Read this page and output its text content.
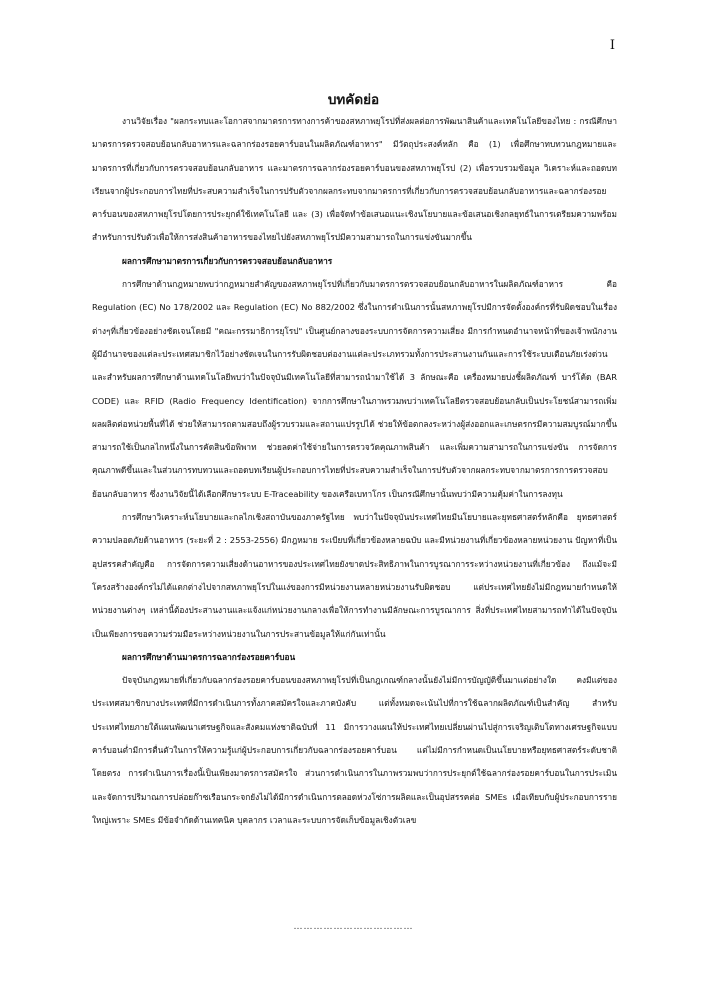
I
บทคัดย่อ

งานวิจัยเรื่อง "ผลกระทบและโอกาสจากมาตรการทางการค้าของสหภาพยุโรปที่ส่งผลต่อการพัฒนาสินค้าและเทคโนโลยีของไทย : กรณีศึกษามาตรการตรวจสอบย้อนกลับอาหารและฉลากร่องรอยคาร์บอนในผลิตภัณฑ์อาหาร" มีวัตถุประสงค์หลัก คือ (1) เพื่อศึกษาทบทวนกฎหมายและมาตรการที่เกี่ยวกับการตรวจสอบย้อนกลับอาหาร และมาตรการฉลากร่องรอยคาร์บอนของสหภาพยุโรป (2) เพื่อรวบรวมข้อมูล วิเคราะห์และถอดบทเรียนจากผู้ประกอบการไทยที่ประสบความสำเร็จในการปรับตัวจากผลกระทบจากมาตรการที่เกี่ยวกับการตรวจสอบย้อนกลับอาหารและฉลากร่องรอยคาร์บอนของสหภาพยุโรปโดยการประยุกต์ใช้เทคโนโลยี และ (3) เพื่อจัดทำข้อเสนอแนะเชิงนโยบายและข้อเสนอเชิงกลยุทธ์ในการเตรียมความพร้อมสำหรับการปรับตัวเพื่อให้การส่งสินค้าอาหารของไทยไปยังสหภาพยุโรปมีความสามารถในการแข่งขันมากขึ้น

ผลการศึกษามาตรการเกี่ยวกับการตรวจสอบย้อนกลับอาหาร

การศึกษาด้านกฎหมายพบว่ากฎหมายสำคัญของสหภาพยุโรปที่เกี่ยวกับมาตรการตรวจสอบย้อนกลับอาหารในผลิตภัณฑ์อาหาร คือ Regulation (EC) No 178/2002 และ Regulation (EC) No 882/2002 ซึ่งในการดำเนินการนั้นสหภาพยุโรปมีการจัดตั้งองค์กรที่รับผิดชอบในเรื่องต่างๆที่เกี่ยวข้องอย่างชัดเจนโดยมี "คณะกรรมาธิการยุโรป" เป็นศูนย์กลางของระบบการจัดการความเสี่ยง มีการกำหนดอำนาจหน้าที่ของเจ้าพนักงานผู้มีอำนาจของแต่ละประเทศสมาชิกไว้อย่างชัดเจนในการรับผิดชอบต่องานแต่ละประเภทรวมทั้งการประสานงานกันและการใช้ระบบเตือนภัยเร่งด่วนและสำหรับผลการศึกษาด้านเทคโนโลยีพบว่าในปัจจุบันมีเทคโนโลยีที่สามารถนำมาใช้ได้ 3 ลักษณะคือ เครื่องหมายบ่งชี้ผลิตภัณฑ์ บาร์โค้ด (BAR CODE) และ RFID (Radio Frequency Identification) จากการศึกษาในภาพรวมพบว่าเทคโนโลยีตรวจสอบย้อนกลับเป็นประโยชน์สามารถเพิ่มผลผลิตต่อหน่วยพื้นที่ได้ ช่วยให้สามารถตามสอบถึงผู้รวบรวมและสถานแปรรูปได้ ช่วยให้ข้อตกลงระหว่างผู้ส่งออกและเกษตรกรมีความสมบูรณ์มากขึ้น สามารถใช้เป็นกลไกหนึ่งในการคัดสินข้อพิพาท ช่วยลดค่าใช้จ่ายในการตรวจวัดคุณภาพสินค้า และเพิ่มความสามารถในการแข่งขัน การจัดการคุณภาพดีขึ้นและในส่วนการทบทวนและถอดบทเรียนผู้ประกอบการไทยที่ประสบความสำเร็จในการปรับตัวจากผลกระทบจากมาตรการการตรวจสอบย้อนกลับอาหาร ซึ่งงานวิจัยนี้ได้เลือกศึกษาระบบ E-Traceability ของเครือเบทาโกร เป็นกรณีศึกษานั้นพบว่ามีความคุ้มค่าในการลงทุน

การศึกษาวิเคราะห์นโยบายและกลไกเชิงสถาบันของภาครัฐไทย พบว่าในปัจจุบันประเทศไทยมีนโยบายและยุทธศาสตร์หลักคือ ยุทธศาสตร์ความปลอดภัยด้านอาหาร (ระยะที่ 2 : 2553-2556) มีกฎหมาย ระเบียบที่เกี่ยวข้องหลายฉบับ และมีหน่วยงานที่เกี่ยวข้องหลายหน่วยงาน ปัญหาที่เป็นอุปสรรคสำคัญคือ การจัดการความเสี่ยงด้านอาหารของประเทศไทยยังขาดประสิทธิภาพในการบูรณาการระหว่างหน่วยงานที่เกี่ยวข้อง ถึงแม้จะมีโครงสร้างองค์กรไม่ได้แตกต่างไปจากสหภาพยุโรปในแง่ของการมีหน่วยงานหลายหน่วยงานรับผิดชอบ แต่ประเทศไทยยังไม่มีกฎหมายกำหนดให้หน่วยงานต่างๆ เหล่านี้ต้องประสานงานและแจ้งแก่หน่วยงานกลางเพื่อให้การทำงานมีลักษณะการบูรณาการ สิ่งที่ประเทศไทยสามารถทำได้ในปัจจุบันเป็นเพียงการขอความร่วมมือระหว่างหน่วยงานในการประสานข้อมูลให้แก่กันเท่านั้น

ผลการศึกษาด้านมาตรการฉลากร่องรอยคาร์บอน

ปัจจุบันกฎหมายที่เกี่ยวกับฉลากร่องรอยคาร์บอนของสหภาพยุโรปที่เป็นกฎเกณฑ์กลางนั้นยังไม่มีการบัญญัติขึ้นมาแต่อย่างใด คงมีแต่ของประเทศสมาชิกบางประเทศที่มีการดำเนินการทั้งภาคสมัครใจและภาคบังคับ แต่ทั้งหมดจะเน้นไปที่การใช้ฉลากผลิตภัณฑ์เป็นสำคัญ สำหรับประเทศไทยภายใต้แผนพัฒนาเศรษฐกิจและสังคมแห่งชาติฉบับที่ 11 มีการวางแผนให้ประเทศไทยเปลี่ยนผ่านไปสู่การเจริญเติบโตทางเศรษฐกิจแบบคาร์บอนต่ำมีการตื่นตัวในการให้ความรู้แก่ผู้ประกอบการเกี่ยวกับฉลากร่องรอยคาร์บอน แต่ไม่มีการกำหนดเป็นนโยบายหรือยุทธศาสตร์ระดับชาติโดยตรง การดำเนินการเรื่องนี้เป็นเพียงมาตรการสมัครใจ ส่วนการดำเนินการในภาพรวมพบว่าการประยุกต์ใช้ฉลากร่องรอยคาร์บอนในการประเมินและจัดการปริมาณการปล่อยก๊าซเรือนกระจกยังไม่ได้มีการดำเนินการตลอดห่วงโซ่การผลิตและเป็นอุปสรรคต่อ SMEs เมื่อเทียบกับผู้ประกอบการรายใหญ่เพราะ SMEs มีข้อจำกัดด้านเทคนิค บุคลากร เวลาและระบบการจัดเก็บข้อมูลเชิงตัวเลข

………………………………
